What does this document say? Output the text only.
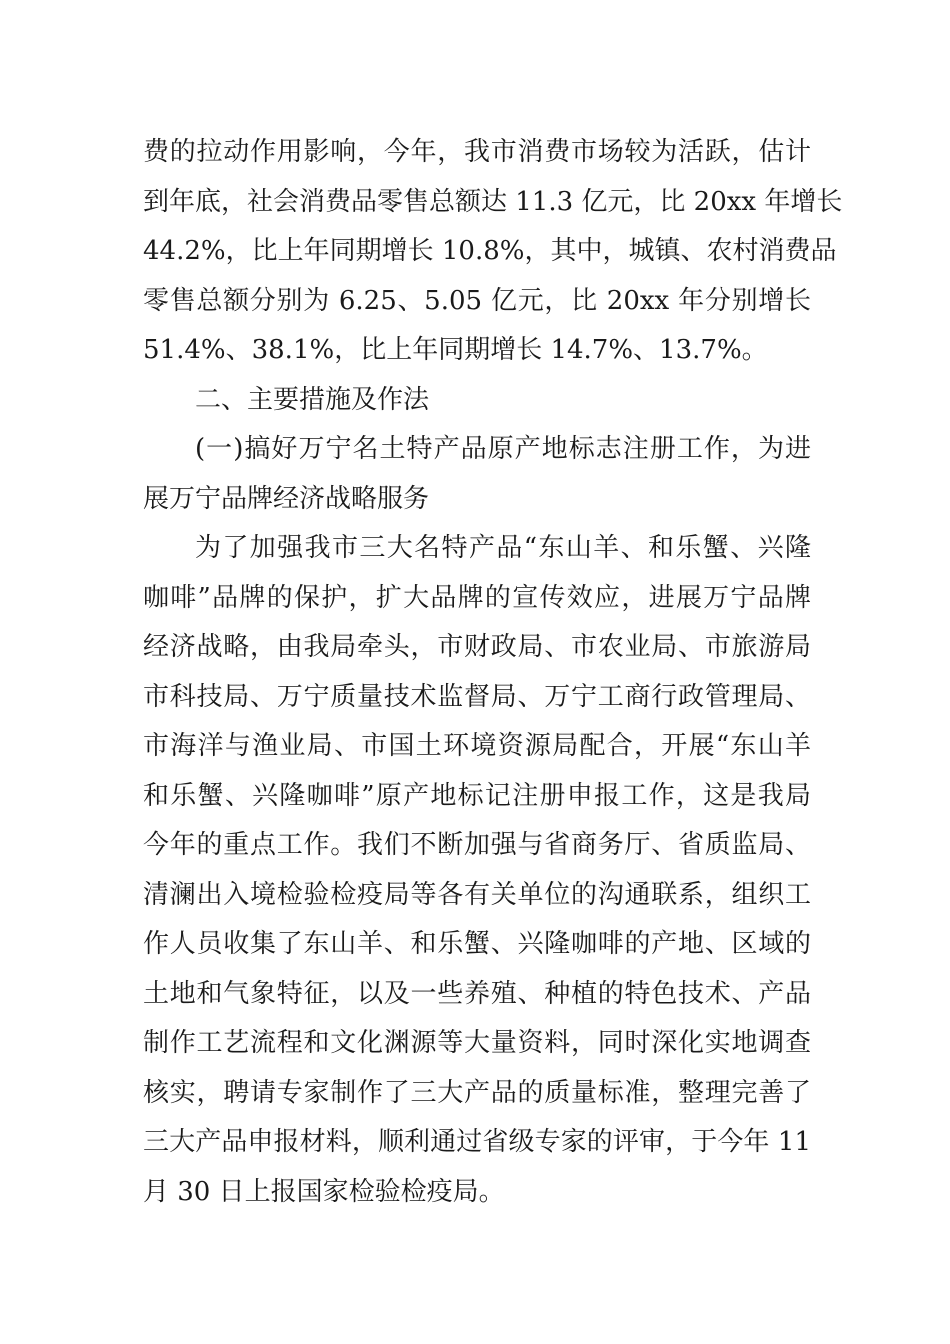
费的拉动作用影响，今年，我市消费市场较为活跃，估计
到年底，社会消费品零售总额达 11.3 亿元，比 20xx 年增长
44.2%，比上年同期增长 10.8%，其中，城镇、农村消费品
零售总额分别为 6.25、5.05 亿元，比 20xx 年分别增长
51.4%、38.1%，比上年同期增长 14.7%、13.7%。
二、主要措施及作法
(一)搞好万宁名土特产品原产地标志注册工作，为进
展万宁品牌经济战略服务
为了加强我市三大名特产品“东山羊、和乐蟹、兴隆
咖啡”品牌的保护，扩大品牌的宣传效应，进展万宁品牌
经济战略，由我局牵头，市财政局、市农业局、市旅游局
市科技局、万宁质量技术监督局、万宁工商行政管理局、
市海洋与渔业局、市国土环境资源局配合，开展“东山羊
和乐蟹、兴隆咖啡”原产地标记注册申报工作，这是我局
今年的重点工作。我们不断加强与省商务厅、省质监局、
清澜出入境检验检疫局等各有关单位的沟通联系，组织工
作人员收集了东山羊、和乐蟹、兴隆咖啡的产地、区域的
土地和气象特征，以及一些养殖、种植的特色技术、产品
制作工艺流程和文化渊源等大量资料，同时深化实地调查
核实，聘请专家制作了三大产品的质量标准，整理完善了
三大产品申报材料，顺利通过省级专家的评审，于今年 11
月 30 日上报国家检验检疫局。
